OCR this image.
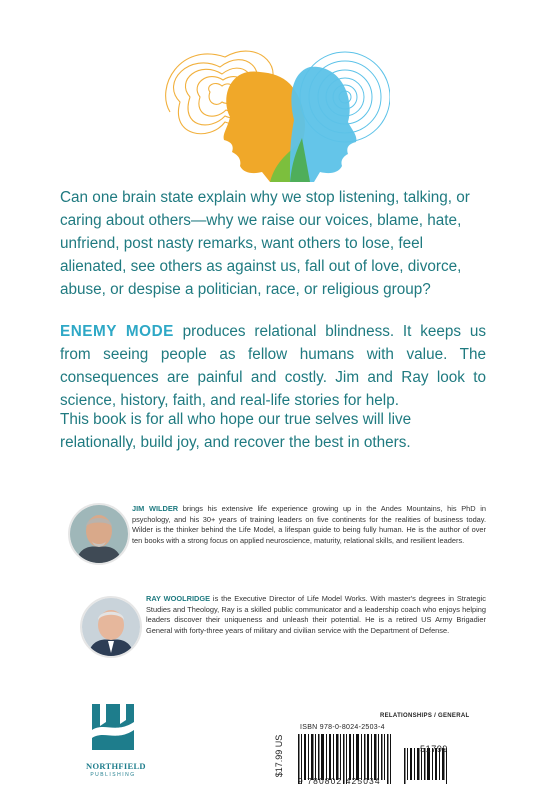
Can one brain state explain why we stop listening, talking, or caring about others—why we raise our voices, blame, hate, unfriend, post nasty remarks, want others to lose, feel alienated, see others as against us, fall out of love, divorce, abuse, or despise a politician, race, or religious group?

ENEMY MODE produces relational blindness. It keeps us from seeing people as fellow humans with value. The consequences are painful and costly. Jim and Ray look to science, history, faith, and real-life stories for help.

This book is for all who hope our true selves will live relationally, build joy, and recover the best in others.

JIM WILDER brings his extensive life experience growing up in the Andes Mountains, his PhD in psychology, and his 30+ years of training leaders on five continents for the realities of business today. Wilder is the thinker behind the Life Model, a lifespan guide to being fully human. He is the author of over ten books with a strong focus on applied neuroscience, maturity, relational skills, and resilient leaders.

RAY WOOLRIDGE is the Executive Director of Life Model Works. With master's degrees in Strategic Studies and Theology, Ray is a skilled public communicator and a leadership coach who enjoys helping leaders discover their uniqueness and unleash their potential. He is a retired US Army Brigadier General with forty-three years of military and civilian service with the Department of Defense.

NORTHFIELD
PUBLISHING
RELATIONSHIPS / GENERAL
$17.99 US
ISBN 978-0-8024-2503-4
51799
9 780802 425034
